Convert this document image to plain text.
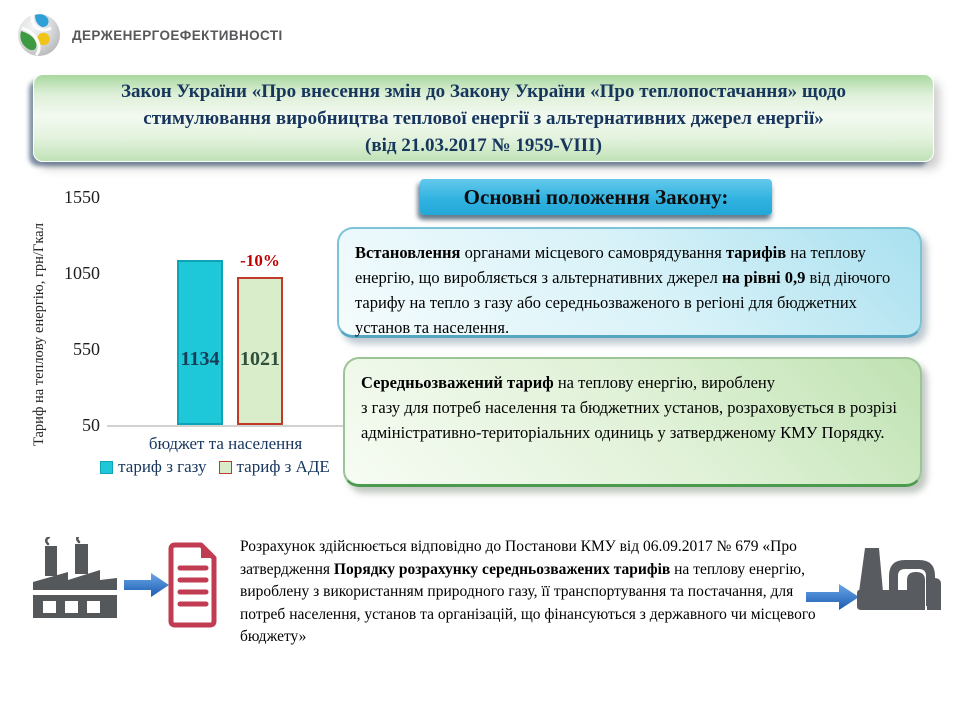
ДЕРЖЕНЕРГОЕФЕКТИВНОСТІ
Закон України «Про внесення змін до Закону України «Про теплопостачання» щодо
стимулювання виробництва теплової енергії з альтернативних джерел енергії»
(від 21.03.2017 № 1959-VIII)
Тариф на теплову енергію, грн/Гкал
1550
1050
550
50
1134 1021
-10%
бюджет та населення
тариф з газу тариф з АДЕ
Основні положення Закону:
Встановлення органами місцевого самоврядування тарифів на теплову енергію, що виробляється з альтернативних джерел на рівні 0,9 від діючого тарифу на тепло з газу або середньозваженого в регіоні для бюджетних установ та населення.
Середньозважений тариф на теплову енергію, вироблену
з газу для потреб населення та бюджетних установ, розраховується в розрізі адміністративно-територіальних одиниць у затвердженому КМУ Порядку.
Розрахунок здійснюється відповідно до Постанови КМУ від 06.09.2017 № 679 «Про затвердження Порядку розрахунку середньозважених тарифів на теплову енергію, вироблену з використанням природного газу, її транспортування та постачання, для потреб населення, установ та організацій, що фінансуються з державного чи місцевого бюджету»
